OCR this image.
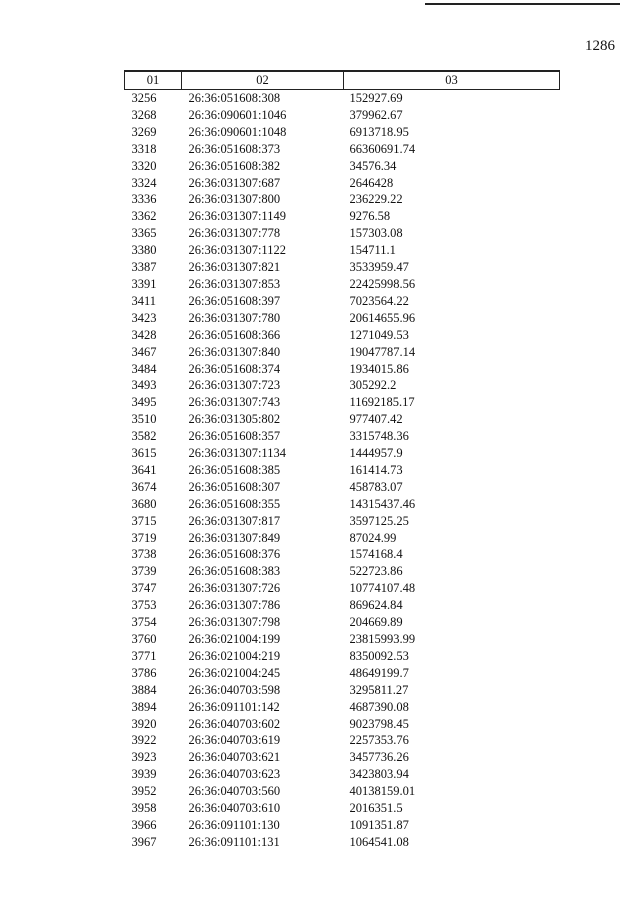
1286
01	02	03
3256	26:36:051608:308	152927.69
3268	26:36:090601:1046	379962.67
3269	26:36:090601:1048	6913718.95
3318	26:36:051608:373	66360691.74
3320	26:36:051608:382	34576.34
3324	26:36:031307:687	2646428
3336	26:36:031307:800	236229.22
3362	26:36:031307:1149	9276.58
3365	26:36:031307:778	157303.08
3380	26:36:031307:1122	154711.1
3387	26:36:031307:821	3533959.47
3391	26:36:031307:853	22425998.56
3411	26:36:051608:397	7023564.22
3423	26:36:031307:780	20614655.96
3428	26:36:051608:366	1271049.53
3467	26:36:031307:840	19047787.14
3484	26:36:051608:374	1934015.86
3493	26:36:031307:723	305292.2
3495	26:36:031307:743	11692185.17
3510	26:36:031305:802	977407.42
3582	26:36:051608:357	3315748.36
3615	26:36:031307:1134	1444957.9
3641	26:36:051608:385	161414.73
3674	26:36:051608:307	458783.07
3680	26:36:051608:355	14315437.46
3715	26:36:031307:817	3597125.25
3719	26:36:031307:849	87024.99
3738	26:36:051608:376	1574168.4
3739	26:36:051608:383	522723.86
3747	26:36:031307:726	10774107.48
3753	26:36:031307:786	869624.84
3754	26:36:031307:798	204669.89
3760	26:36:021004:199	23815993.99
3771	26:36:021004:219	8350092.53
3786	26:36:021004:245	48649199.7
3884	26:36:040703:598	3295811.27
3894	26:36:091101:142	4687390.08
3920	26:36:040703:602	9023798.45
3922	26:36:040703:619	2257353.76
3923	26:36:040703:621	3457736.26
3939	26:36:040703:623	3423803.94
3952	26:36:040703:560	40138159.01
3958	26:36:040703:610	2016351.5
3966	26:36:091101:130	1091351.87
3967	26:36:091101:131	1064541.08
